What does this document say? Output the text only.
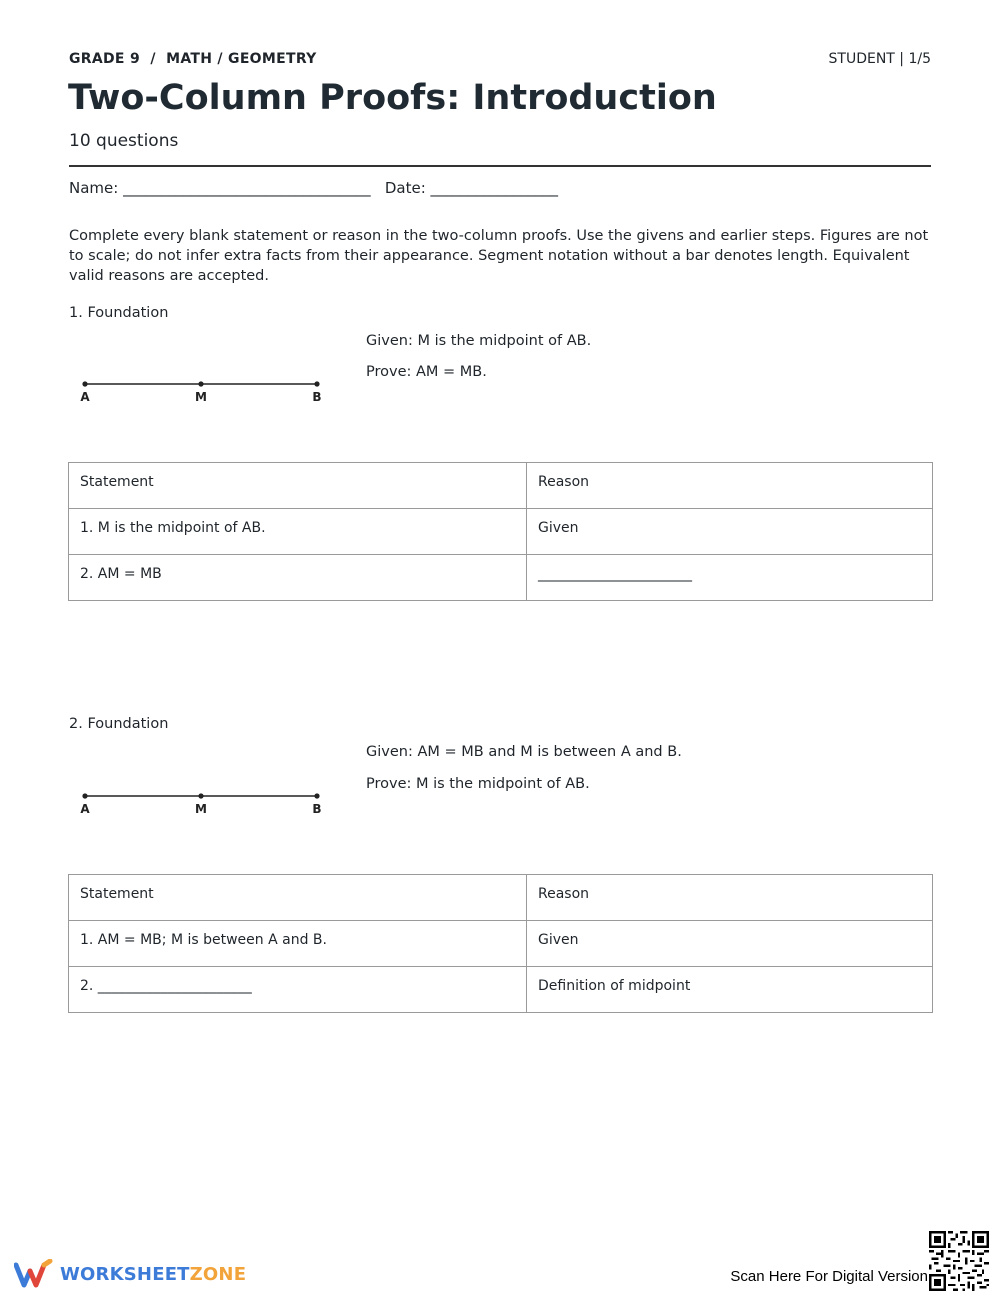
GRADE 9  /  MATH / GEOMETRY	STUDENT | 1/5
Two-Column Proofs: Introduction
10 questions
Name: _________________________________   Date: _________________
Complete every blank statement or reason in the two-column proofs. Use the givens and earlier steps. Figures are not to scale; do not infer extra facts from their appearance. Segment notation without a bar denotes length. Equivalent valid reasons are accepted.
1. Foundation
Given: M is the midpoint of AB.
Prove: AM = MB.
A	M	B
Statement	Reason
1. M is the midpoint of AB.	Given
2. AM = MB	______________________
2. Foundation
Given: AM = MB and M is between A and B.
Prove: M is the midpoint of AB.
A	M	B
Statement	Reason
1. AM = MB; M is between A and B.	Given
2. ______________________	Definition of midpoint
WORKSHEETZONE	Scan Here For Digital Version
